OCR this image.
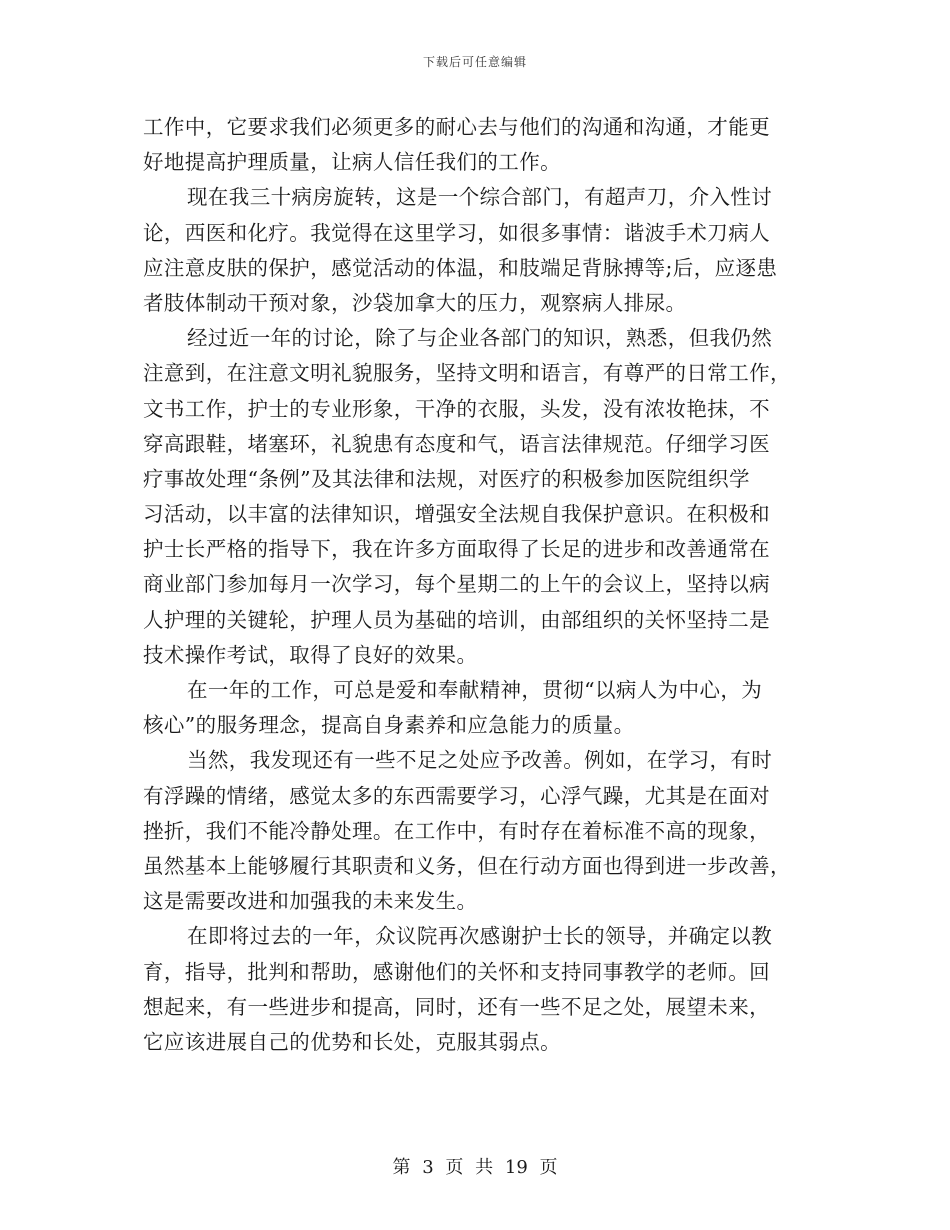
下载后可任意编辑
工作中，它要求我们必须更多的耐心去与他们的沟通和沟通，才能更
好地提高护理质量，让病人信任我们的工作。
现在我三十病房旋转，这是一个综合部门，有超声刀，介入性讨
论，西医和化疗。我觉得在这里学习，如很多事情：谐波手术刀病人
应注意皮肤的保护，感觉活动的体温，和肢端足背脉搏等;后，应逐患
者肢体制动干预对象，沙袋加拿大的压力，观察病人排尿。
经过近一年的讨论，除了与企业各部门的知识，熟悉，但我仍然
注意到，在注意文明礼貌服务，坚持文明和语言，有尊严的日常工作，
文书工作，护士的专业形象，干净的衣服，头发，没有浓妆艳抹，不
穿高跟鞋，堵塞环，礼貌患有态度和气，语言法律规范。仔细学习医
疗事故处理“条例”及其法律和法规，对医疗的积极参加医院组织学
习活动，以丰富的法律知识，增强安全法规自我保护意识。在积极和
护士长严格的指导下，我在许多方面取得了长足的进步和改善通常在
商业部门参加每月一次学习，每个星期二的上午的会议上，坚持以病
人护理的关键轮，护理人员为基础的培训，由部组织的关怀坚持二是
技术操作考试，取得了良好的效果。
在一年的工作，可总是爱和奉献精神，贯彻“以病人为中心，为
核心”的服务理念，提高自身素养和应急能力的质量。
当然，我发现还有一些不足之处应予改善。例如，在学习，有时
有浮躁的情绪，感觉太多的东西需要学习，心浮气躁，尤其是在面对
挫折，我们不能冷静处理。在工作中，有时存在着标准不高的现象，
虽然基本上能够履行其职责和义务，但在行动方面也得到进一步改善，
这是需要改进和加强我的未来发生。
在即将过去的一年，众议院再次感谢护士长的领导，并确定以教
育，指导，批判和帮助，感谢他们的关怀和支持同事教学的老师。回
想起来，有一些进步和提高，同时，还有一些不足之处，展望未来，
它应该进展自己的优势和长处，克服其弱点。
第 3 页 共 19 页
